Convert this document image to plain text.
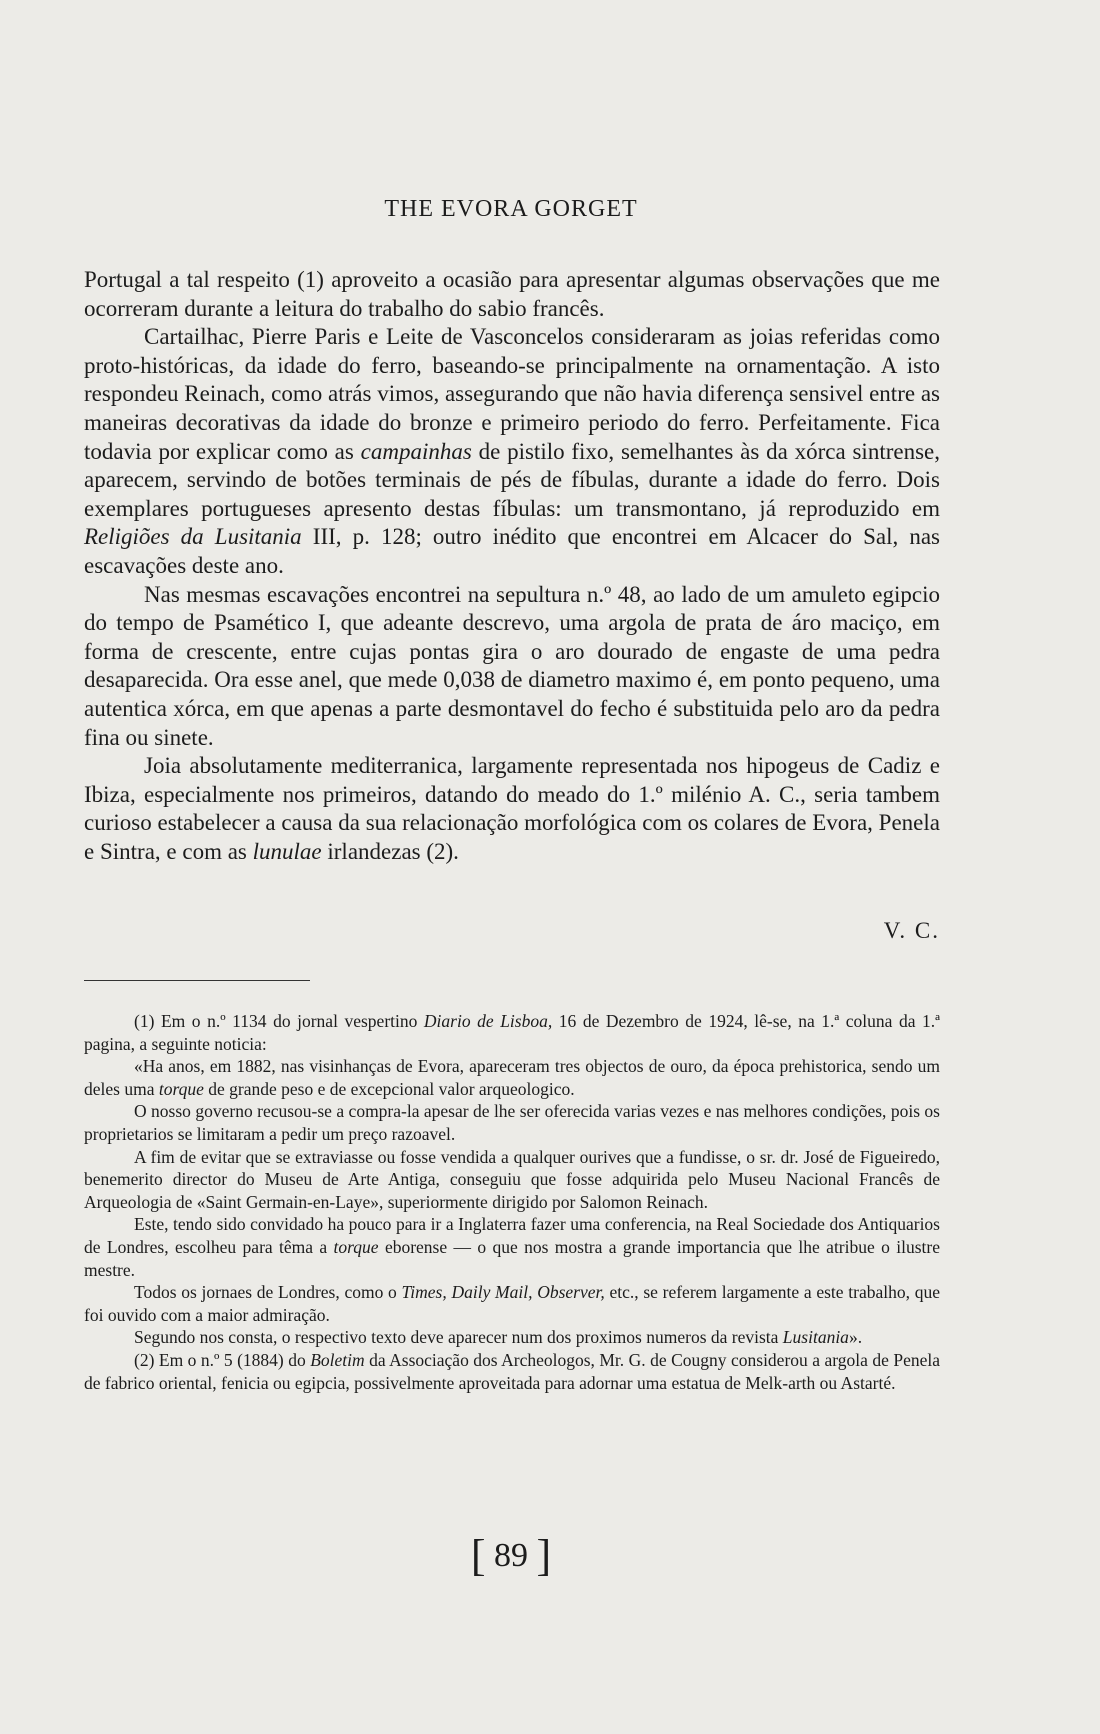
THE EVORA GORGET

Portugal a tal respeito (1) aproveito a ocasião para apresentar algumas observações que me ocorreram durante a leitura do trabalho do sabio francês.

Cartailhac, Pierre Paris e Leite de Vasconcelos consideraram as joias referidas como proto-históricas, da idade do ferro, baseando-se principalmente na ornamentação. A isto respondeu Reinach, como atrás vimos, assegurando que não havia diferença sensivel entre as maneiras decorativas da idade do bronze e primeiro periodo do ferro. Perfeitamente. Fica todavia por explicar como as campainhas de pistilo fixo, semelhantes às da xórca sintrense, aparecem, servindo de botões terminais de pés de fíbulas, durante a idade do ferro. Dois exemplares portugueses apresento destas fíbulas: um transmontano, já reproduzido em Religiões da Lusitania III, p. 128; outro inédito que encontrei em Alcacer do Sal, nas escavações deste ano.

Nas mesmas escavações encontrei na sepultura n.º 48, ao lado de um amuleto egipcio do tempo de Psamético I, que adeante descrevo, uma argola de prata de áro maciço, em forma de crescente, entre cujas pontas gira o aro dourado de engaste de uma pedra desaparecida. Ora esse anel, que mede 0,038 de diametro maximo é, em ponto pequeno, uma autentica xórca, em que apenas a parte desmontavel do fecho é substituida pelo aro da pedra fina ou sinete.

Joia absolutamente mediterranica, largamente representada nos hipogeus de Cadiz e Ibiza, especialmente nos primeiros, datando do meado do 1.º milénio A. C., seria tambem curioso estabelecer a causa da sua relacionação morfológica com os colares de Evora, Penela e Sintra, e com as lunulae irlandezas (2).

V. C.

(1) Em o n.º 1134 do jornal vespertino Diario de Lisboa, 16 de Dezembro de 1924, lê-se, na 1.ª coluna da 1.ª pagina, a seguinte noticia:

«Ha anos, em 1882, nas visinhanças de Evora, apareceram tres objectos de ouro, da época prehistorica, sendo um deles uma torque de grande peso e de excepcional valor arqueologico.

O nosso governo recusou-se a compra-la apesar de lhe ser oferecida varias vezes e nas melhores condições, pois os proprietarios se limitaram a pedir um preço razoavel.

A fim de evitar que se extraviasse ou fosse vendida a qualquer ourives que a fundisse, o sr. dr. José de Figueiredo, benemerito director do Museu de Arte Antiga, conseguiu que fosse adquirida pelo Museu Nacional Francês de Arqueologia de «Saint Germain-en-Laye», superiormente dirigido por Salomon Reinach.

Este, tendo sido convidado ha pouco para ir a Inglaterra fazer uma conferencia, na Real Sociedade dos Antiquarios de Londres, escolheu para têma a torque eborense — o que nos mostra a grande importancia que lhe atribue o ilustre mestre.

Todos os jornaes de Londres, como o Times, Daily Mail, Observer, etc., se referem largamente a este trabalho, que foi ouvido com a maior admiração.

Segundo nos consta, o respectivo texto deve aparecer num dos proximos numeros da revista Lusitania».

(2) Em o n.º 5 (1884) do Boletim da Associação dos Archeologos, Mr. G. de Cougny considerou a argola de Penela de fabrico oriental, fenicia ou egipcia, possivelmente aproveitada para adornar uma estatua de Melk-arth ou Astarté.

[ 89 ]
